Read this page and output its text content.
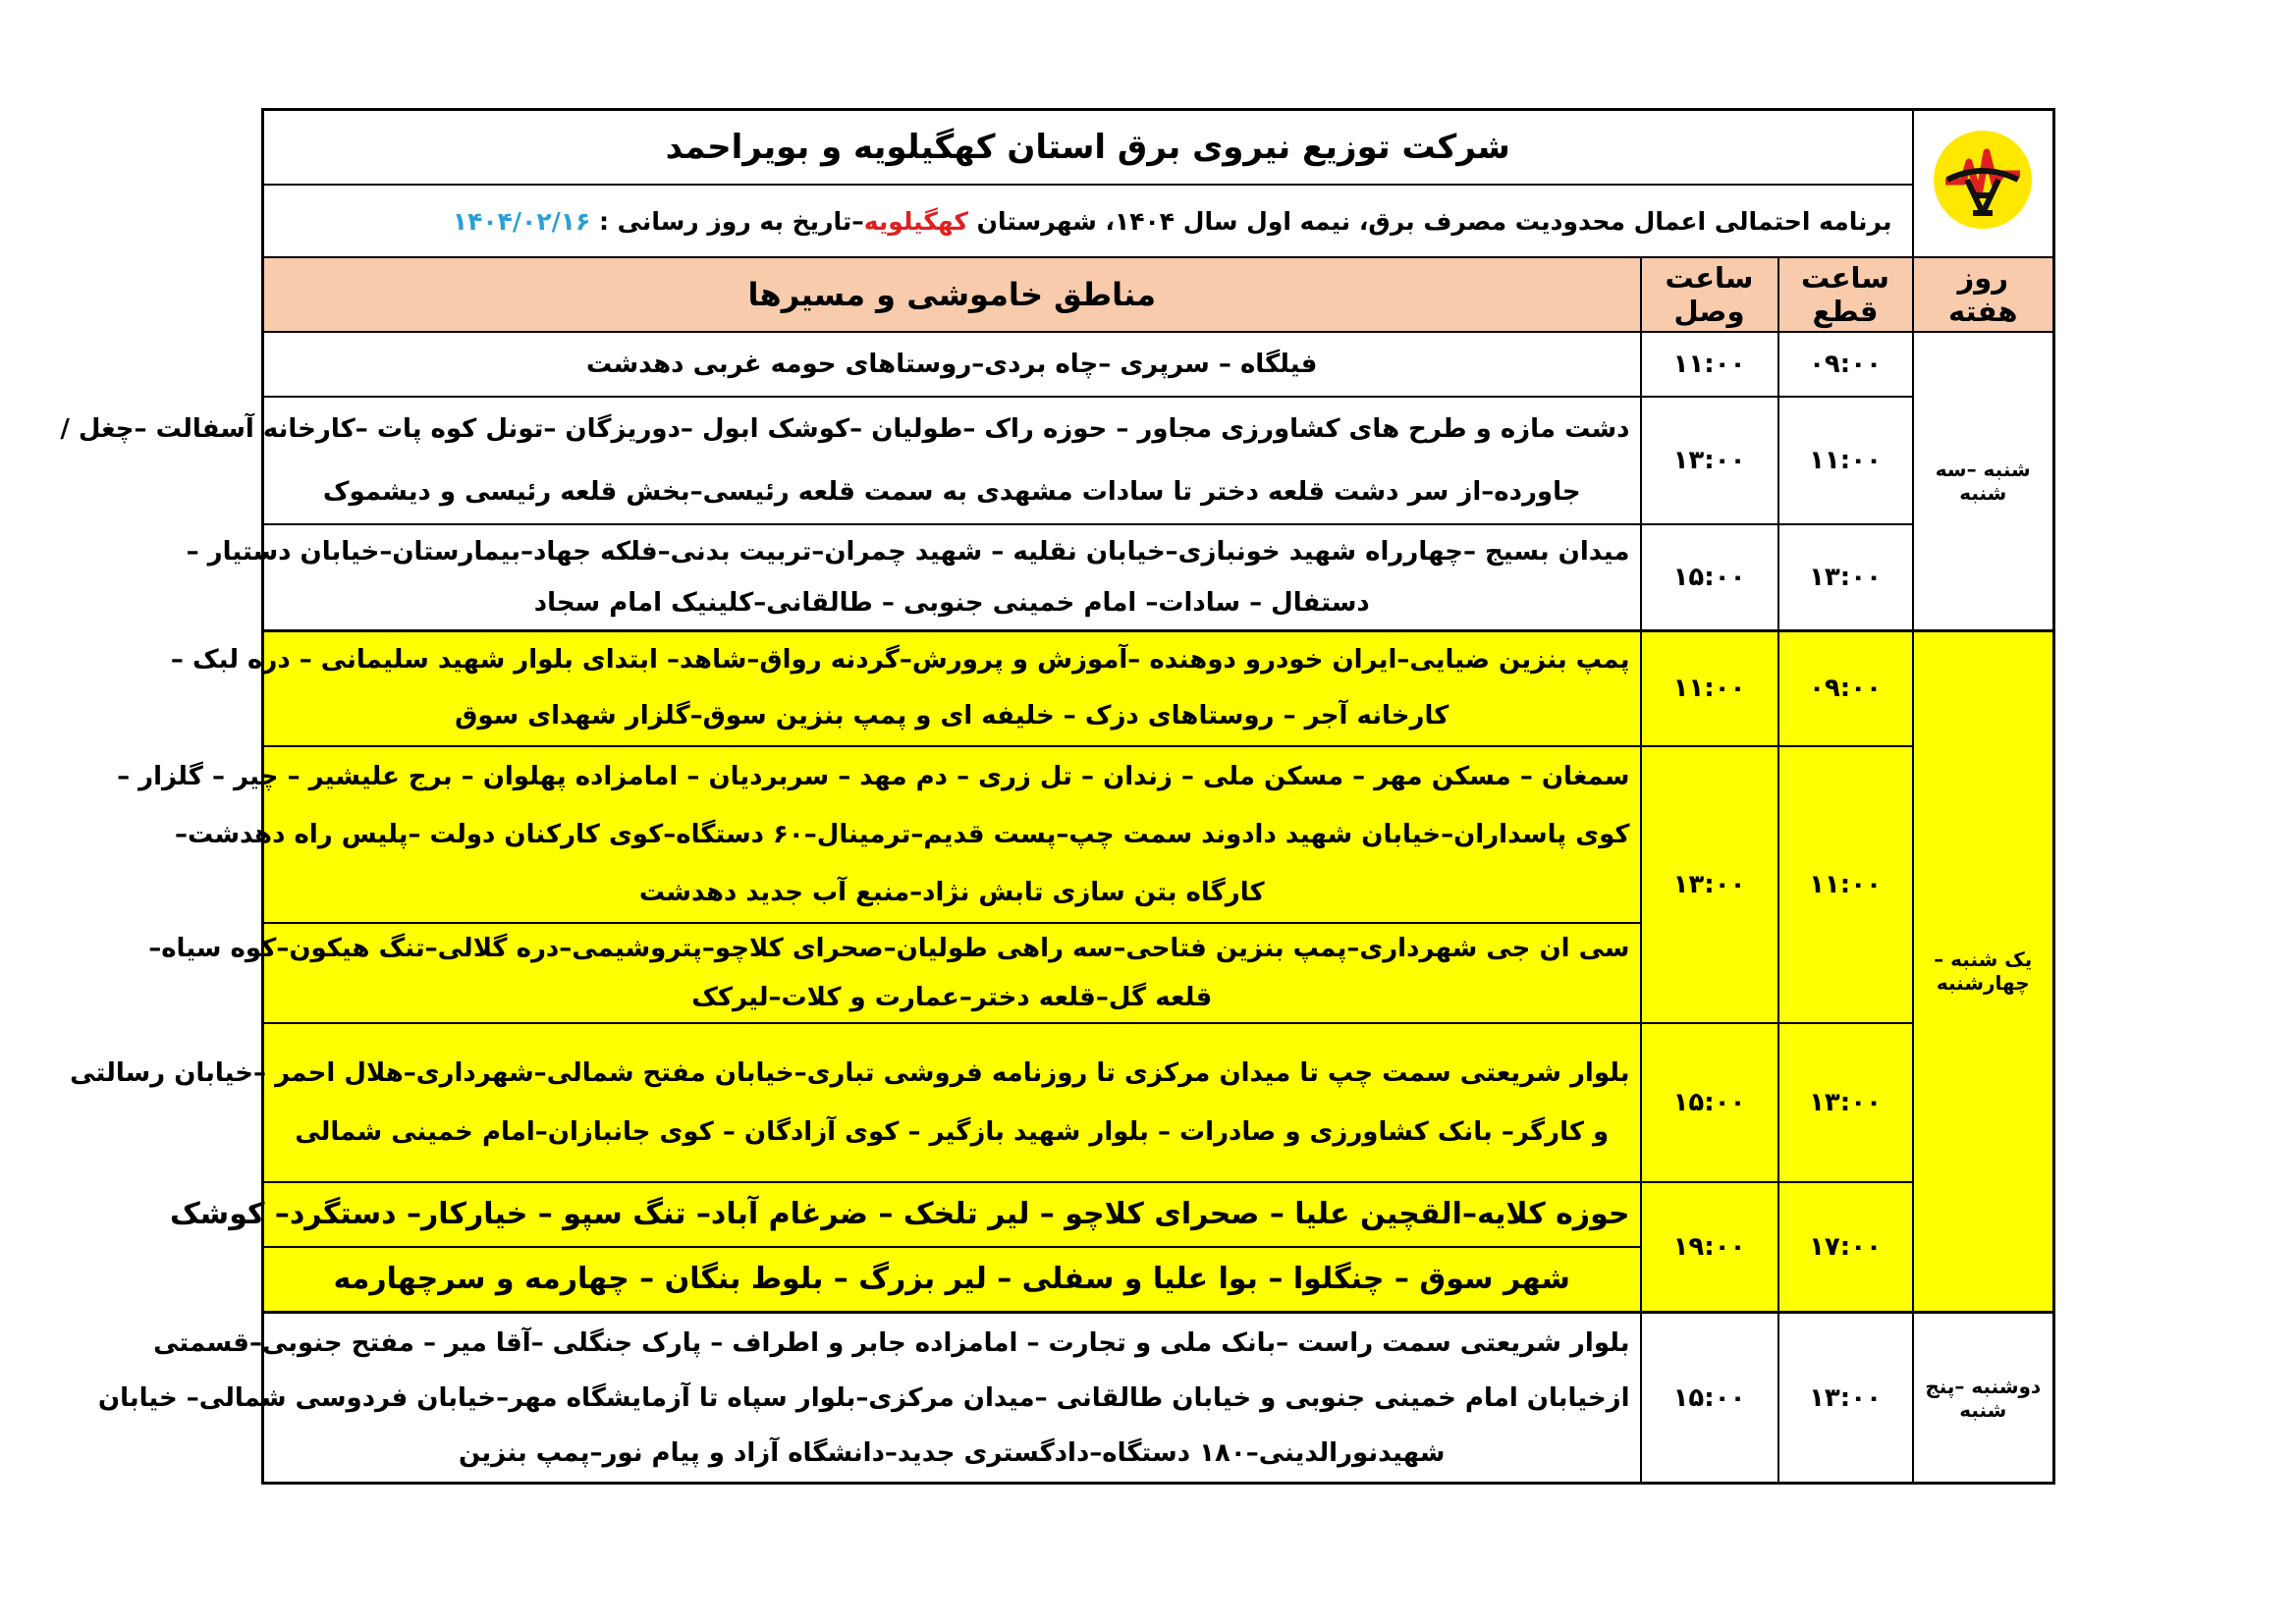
	شرکت توزیع نیروی برق استان کهگیلویه و بویراحمد		
	برنامه احتمالی اعمال محدودیت مصرف برق، نیمه اول سال ۱۴۰۴، شهرستان کهگیلویه–تاریخ به روز رسانی : ۱۴۰۴/۰۲/۱۶		
روز هفته	ساعت قطع	ساعت وصل	مناطق خاموشی و مسیرها
شنبه –سه شنبه	۰۹:۰۰	۱۱:۰۰	فیلگاه – سرپری –چاه بردی–روستاهای حومه غربی دهدشت

	۱۱:۰۰	۱۳:۰۰	دشت مازه و طرح های کشاورزی مجاور – حوزه راک –طولیان –کوشک ابول –دوریزگان –تونل کوه پات –کارخانه آسفالت –چغل /
جاورده–از سر دشت قلعه دختر تا سادات مشهدی به سمت قلعه رئیسی–بخش قلعه رئیسی و دیشموک

	۱۳:۰۰	۱۵:۰۰	میدان بسیج –چهارراه شهید خونبازی–خیابان نقلیه – شهید چمران–تربیت بدنی–فلکه جهاد–بیمارستان–خیابان دستیار –
دستفال – سادات– امام خمینی جنوبی – طالقانی–کلینیک امام سجاد

یک شنبه –چهارشنبه	۰۹:۰۰	۱۱:۰۰	پمپ بنزین ضیایی–ایران خودرو دوهنده –آموزش و پرورش–گردنه رواق–شاهد– ابتدای بلوار شهید سلیمانی – دره لبک –
کارخانه آجر – روستاهای دزک – خلیفه ای و پمپ بنزین سوق–گلزار شهدای سوق

	۱۱:۰۰	۱۳:۰۰	سمغان – مسکن مهر – مسکن ملی – زندان – تل زری – دم مهد – سربردیان – امامزاده پهلوان – برج علیشیر – چیر – گلزار –
کوی پاسداران–خیابان شهید دادوند سمت چپ–پست قدیم–ترمینال–۶۰ دستگاه–کوی کارکنان دولت –پلیس راه دهدشت–
کارگاه بتن سازی تابش نژاد–منبع آب جدید دهدشت

			سی ان جی شهرداری–پمپ بنزین فتاحی–سه راهی طولیان–صحرای کلاچو–پتروشیمی–دره گلالی–تنگ هیکون–کوه سیاه–
قلعه گل–قلعه دختر–عمارت و کلات–لیرکک

	۱۳:۰۰	۱۵:۰۰	بلوار شریعتی سمت چپ تا میدان مرکزی تا روزنامه فروشی تباری–خیابان مفتح شمالی–شهرداری–هلال احمر –خیابان رسالتی
و کارگر– بانک کشاورزی و صادرات – بلوار شهید بازگیر – کوی آزادگان – کوی جانبازان–امام خمینی شمالی

	۱۷:۰۰	۱۹:۰۰	حوزه کلایه–القچین علیا – صحرای کلاچو – لیر تلخک – ضرغام آباد– تنگ سپو – خیارکار– دستگرد– کوشک

			شهر سوق – چنگلوا – بوا علیا و سفلی – لیر بزرگ – بلوط بنگان – چهارمه و سرچهارمه

دوشنبه –پنج شنبه	۱۳:۰۰	۱۵:۰۰	بلوار شریعتی سمت راست –بانک ملی و تجارت – امامزاده جابر و اطراف – پارک جنگلی –آقا میر – مفتح جنوبی–قسمتی
ازخیابان امام خمینی جنوبی و خیابان طالقانی –میدان مرکزی–بلوار سپاه تا آزمایشگاه مهر–خیابان فردوسی شمالی– خیابان
شهیدنورالدینی–۱۸۰ دستگاه–دادگستری جدید–دانشگاه آزاد و پیام نور–پمپ بنزین
